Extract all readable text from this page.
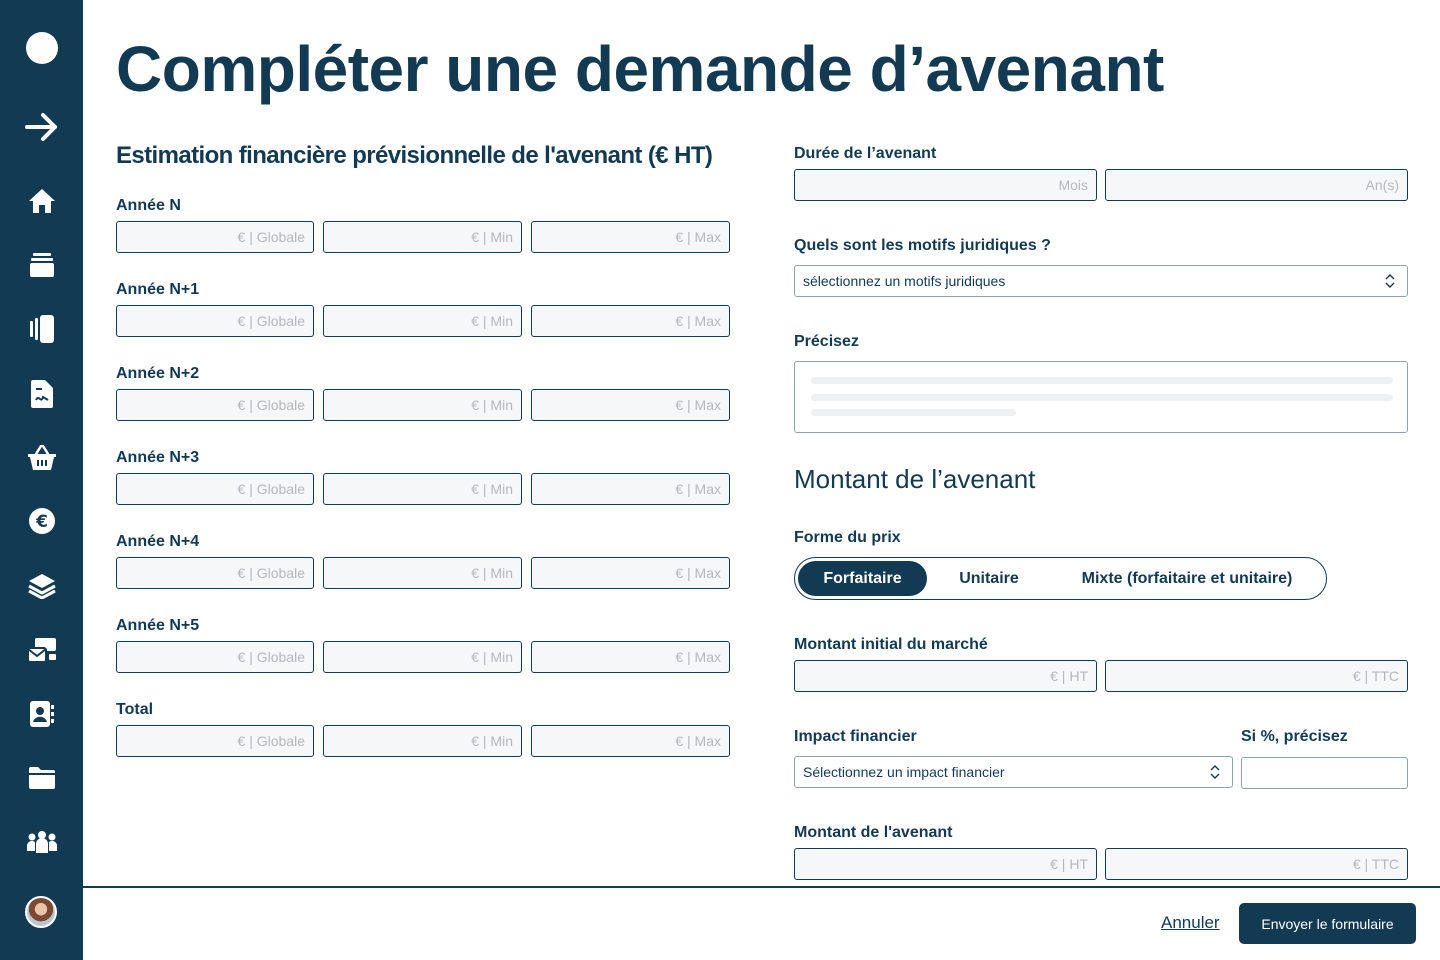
€
Compléter une demande d’avenant
Estimation financière prévisionnelle de l'avenant (€ HT)
Année N
€ | Globale	€ | Min	€ | Max
Année N+1
€ | Globale	€ | Min	€ | Max
Année N+2
€ | Globale	€ | Min	€ | Max
Année N+3
€ | Globale	€ | Min	€ | Max
Année N+4
€ | Globale	€ | Min	€ | Max
Année N+5
€ | Globale	€ | Min	€ | Max
Total
€ | Globale	€ | Min	€ | Max
Durée de l’avenant
Mois	An(s)
Quels sont les motifs juridiques ?
sélectionnez un motifs juridiques
Précisez
Montant de l’avenant
Forme du prix
Forfaitaire	Unitaire	Mixte (forfaitaire et unitaire)
Montant initial du marché
€ | HT	€ | TTC
Impact financier	Si %, précisez
Sélectionnez un impact financier
Montant de l'avenant
€ | HT	€ | TTC
Annuler	Envoyer le formulaire
